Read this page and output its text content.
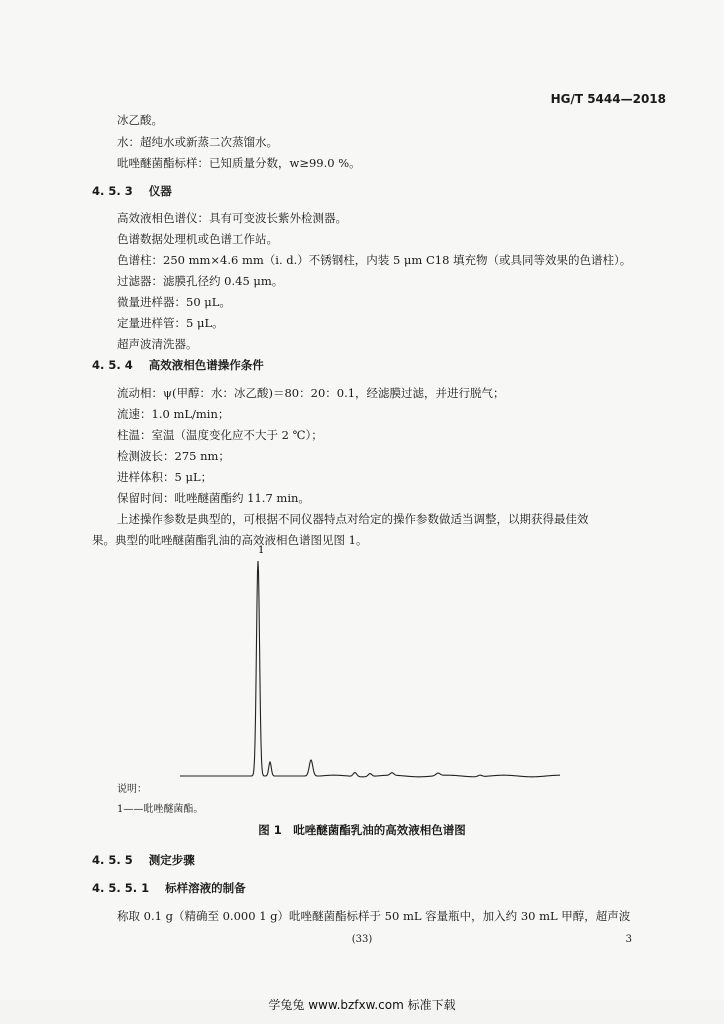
HG/T 5444—2018
冰乙酸。
水：超纯水或新蒸二次蒸馏水。
吡唑醚菌酯标样：已知质量分数，w≥99.0 %。
4. 5. 3 仪器
高效液相色谱仪：具有可变波长紫外检测器。
色谱数据处理机或色谱工作站。
色谱柱：250 mm×4.6 mm（i. d.）不锈钢柱，内装 5 μm C18 填充物（或具同等效果的色谱柱）。
过滤器：滤膜孔径约 0.45 μm。
微量进样器：50 μL。
定量进样管：5 μL。
超声波清洗器。
4. 5. 4 高效液相色谱操作条件
流动相：ψ(甲醇：水：冰乙酸)＝80：20：0.1，经滤膜过滤，并进行脱气；
流速：1.0 mL/min；
柱温：室温（温度变化应不大于 2 ℃）；
检测波长：275 nm；
进样体积：5 μL；
保留时间：吡唑醚菌酯约 11.7 min。
上述操作参数是典型的，可根据不同仪器特点对给定的操作参数做适当调整，以期获得最佳效
果。典型的吡唑醚菌酯乳油的高效液相色谱图见图 1。
1
说明：
1——吡唑醚菌酯。
图 1　吡唑醚菌酯乳油的高效液相色谱图
4. 5. 5 测定步骤
4. 5. 5. 1 标样溶液的制备
称取 0.1 g（精确至 0.000 1 g）吡唑醚菌酯标样于 50 mL 容量瓶中，加入约 30 mL 甲醇，超声波
(33)	3
学兔兔 www.bzfxw.com 标准下载
